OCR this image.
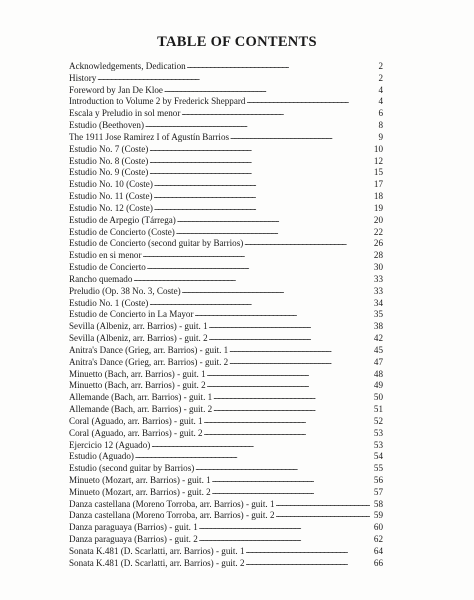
TABLE OF CONTENTS
Acknowledgements, Dedication . . .	2
History . . .	2
Foreword by Jan De Kloe . . .	4
Introduction to Volume 2 by Frederick Sheppard . . .	4
Escala y Preludio in sol menor . . .	6
Estudio (Beethoven) . . .	8
The 1911 Jose Ramirez I of Agustín Barrios . . .	9
Estudio No. 7 (Coste) . . .	10
Estudio No. 8 (Coste) . . .	12
Estudio No. 9 (Coste) . . .	15
Estudio No. 10 (Coste) . . .	17
Estudio No. 11 (Coste) . . .	18
Estudio No. 12 (Coste) . . .	19
Estudio de Arpegio (Tárrega) . . .	20
Estudio de Concierto (Coste) . . .	22
Estudio de Concierto (second guitar by Barrios) . . .	26
Estudio en si menor . . .	28
Estudio de Concierto . . .	30
Rancho quemado . . .	33
Preludio (Op. 38 No. 3, Coste) . . .	33
Estudio No. 1 (Coste) . . .	34
Estudio de Concierto in La Mayor . . .	35
Sevilla (Albeniz, arr. Barrios) - guit. 1 . . .	38
Sevilla (Albeniz, arr. Barrios) - guit. 2 . . .	42
Anitra's Dance (Grieg, arr. Barrios) - guit. 1 . . .	45
Anitra's Dance (Grieg, arr. Barrios) - guit. 2 . . .	47
Minuetto (Bach, arr. Barrios) - guit. 1 . . .	48
Minuetto (Bach, arr. Barrios) - guit. 2 . . .	49
Allemande (Bach, arr. Barrios) - guit. 1 . . .	50
Allemande (Bach, arr. Barrios) - guit. 2 . . .	51
Coral (Aguado, arr. Barrios) - guit. 1 . . .	52
Coral (Aguado, arr. Barrios) - guit. 2 . . .	53
Ejercicio 12 (Aguado) . . .	53
Estudio (Aguado) . . .	54
Estudio (second guitar by Barrios) . . .	55
Minueto (Mozart, arr. Barrios) - guit. 1 . . .	56
Minueto (Mozart, arr. Barrios) - guit. 2 . . .	57
Danza castellana (Moreno Torroba, arr. Barrios) - guit. 1 . . .	58
Danza castellana (Moreno Torroba, arr. Barrios) - guit. 2 . . .	59
Danza paraguaya (Barrios) - guit. 1 . . .	60
Danza paraguaya (Barrios) - guit. 2 . . .	62
Sonata K.481 (D. Scarlatti, arr. Barrios) - guit. 1 . . .	64
Sonata K.481 (D. Scarlatti, arr. Barrios) - guit. 2 . . .	66
